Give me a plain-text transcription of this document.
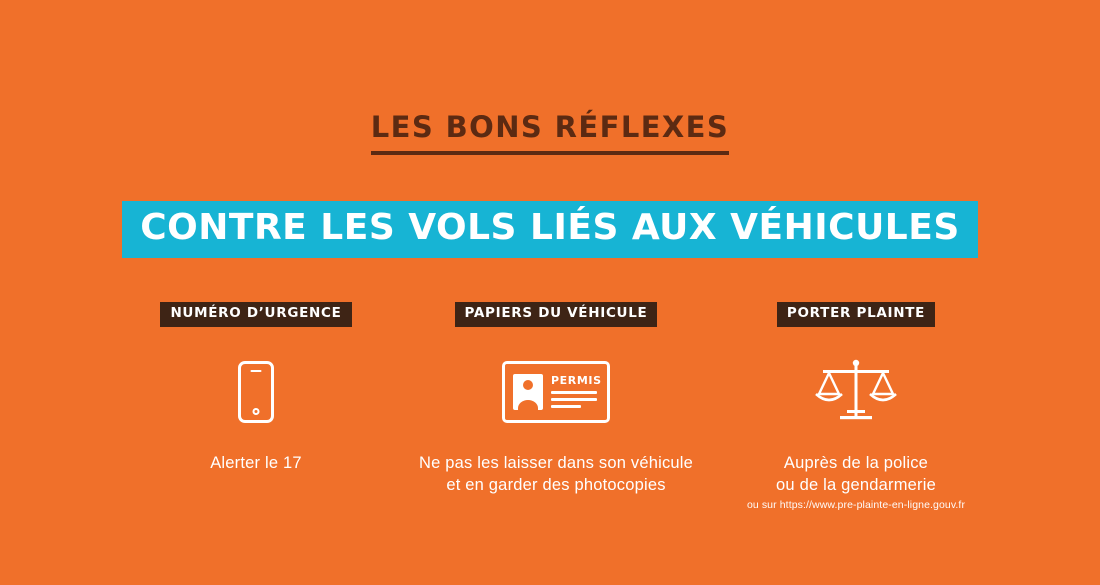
LES BONS RÉFLEXES
CONTRE LES VOLS LIÉS AUX VÉHICULES
NUMÉRO D’URGENCE
Alerter le 17
PAPIERS DU VÉHICULE
PERMIS
Ne pas les laisser dans son véhicule
et en garder des photocopies
PORTER PLAINTE
Auprès de la police
ou de la gendarmerie
ou sur https://www.pre-plainte-en-ligne.gouv.fr
